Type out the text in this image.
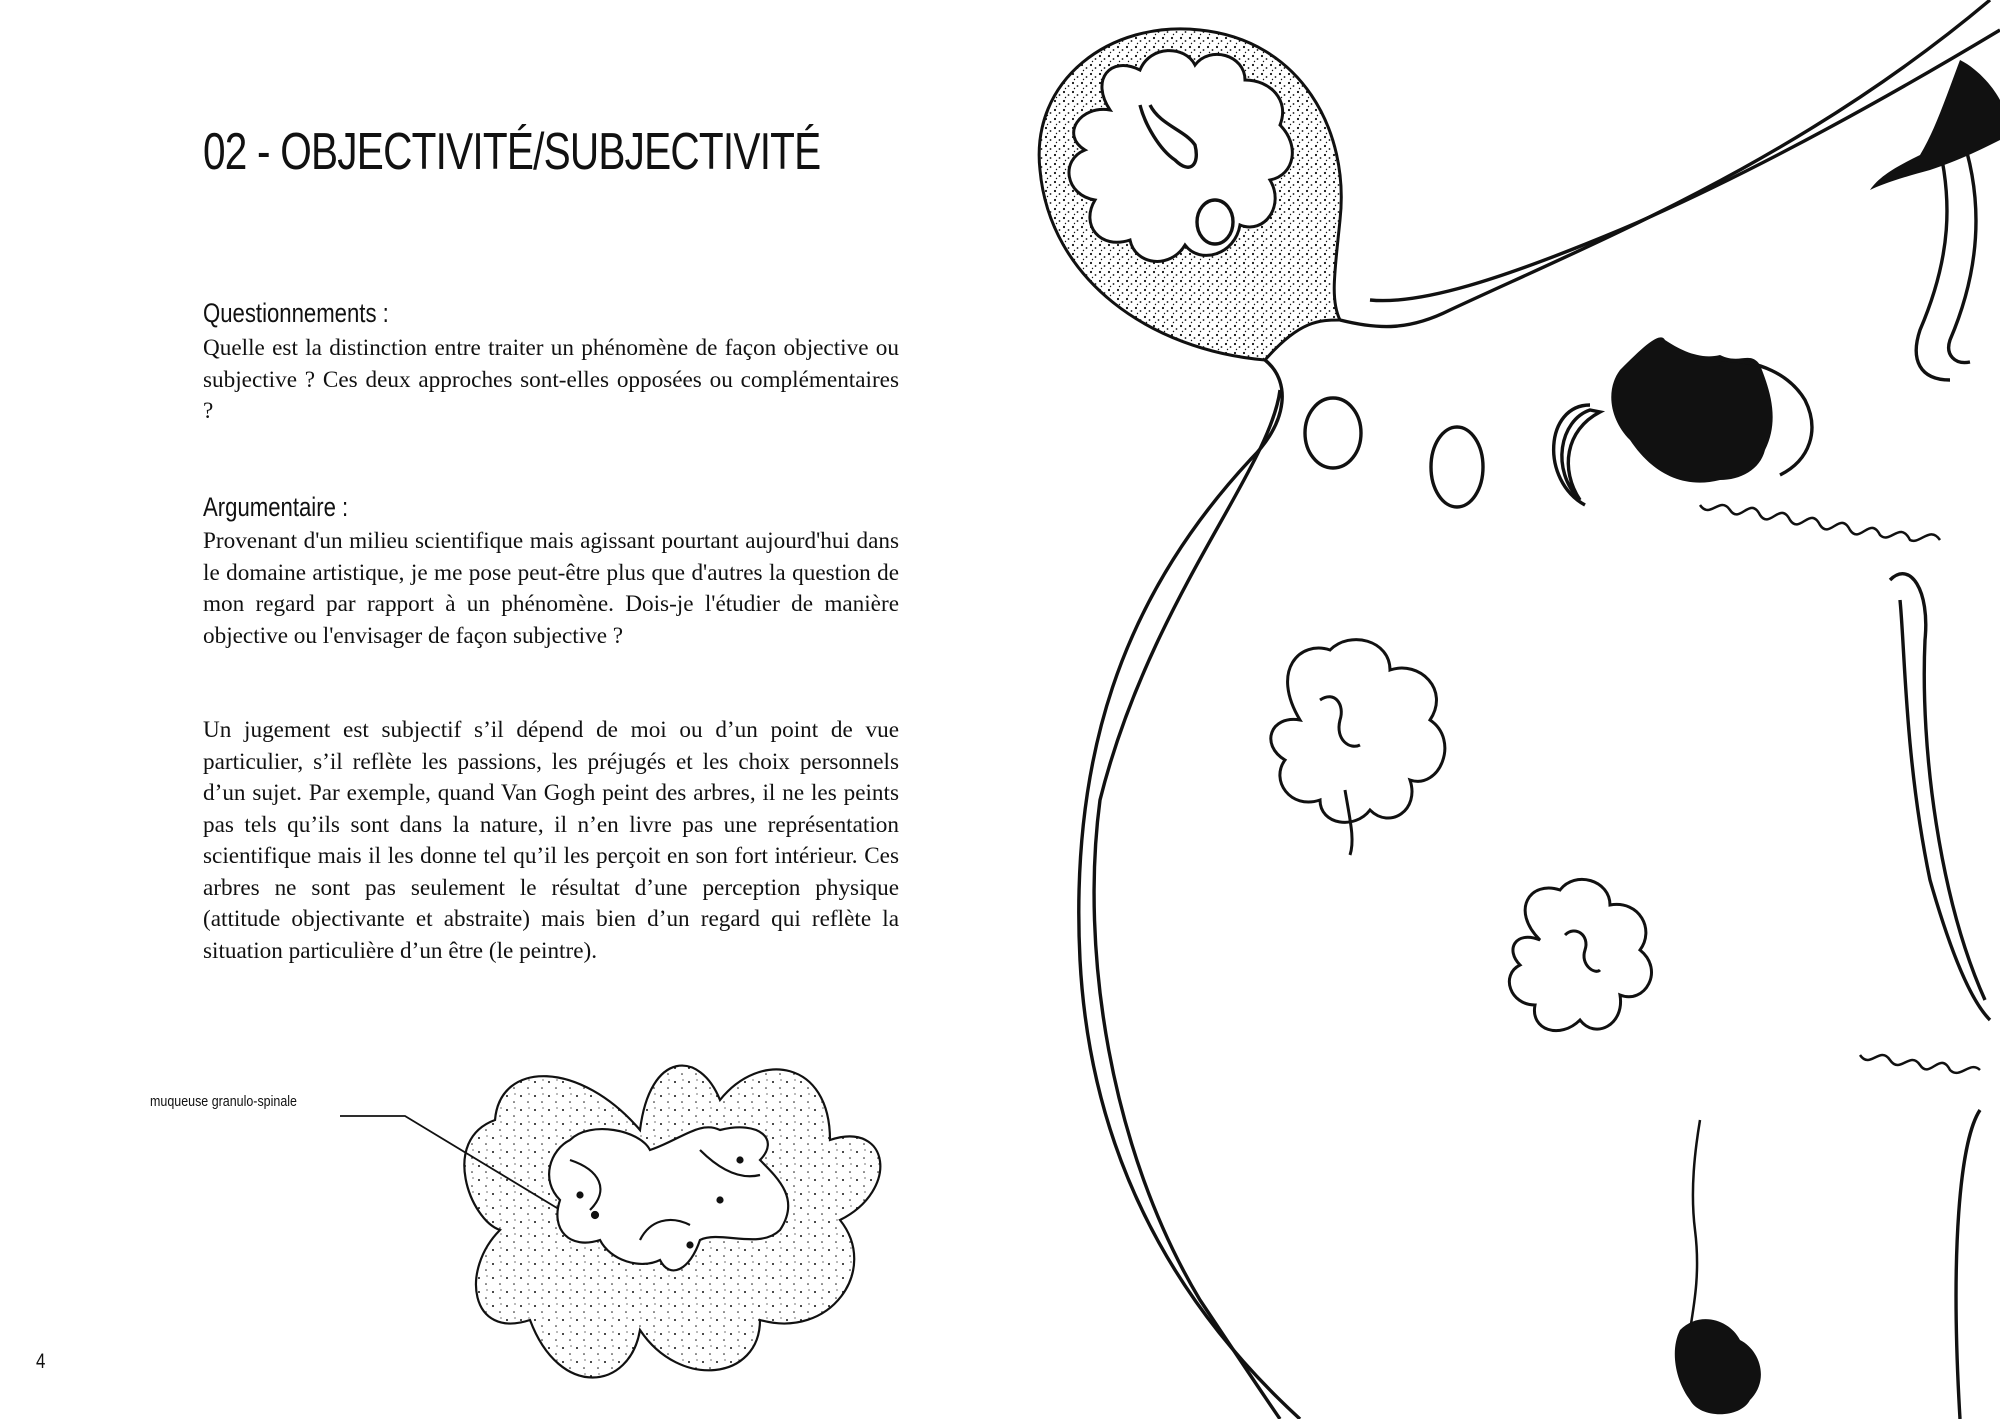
02 - OBJECTIVITÉ/SUBJECTIVITÉ
Questionnements :

Quelle est la distinction entre traiter un phénomène de façon objective ou subjective ? Ces deux approches sont-elles opposées ou complémentaires ?

Argumentaire :

Provenant d'un milieu scientifique mais agissant pourtant aujourd'hui dans le domaine artistique, je me pose peut-être plus que d'autres la question de mon regard par rapport à un phénomène. Dois-je l'étudier de manière objective ou l'envisager de façon subjective ?

Un jugement est subjectif s’il dépend de moi ou d’un point de vue particulier, s’il reflète les passions, les préjugés et les choix personnels d’un sujet. Par exemple, quand Van Gogh peint des arbres, il ne les peints pas tels qu’ils sont dans la nature, il n’en livre pas une représentation scientifique mais il les donne tel qu’il les perçoit en son fort intérieur. Ces arbres ne sont pas seulement le résultat d’une perception physique (attitude objectivante et abstraite) mais bien d’un regard qui reflète la situation particulière d’un être (le peintre).

muqueuse granulo-spinale
4
